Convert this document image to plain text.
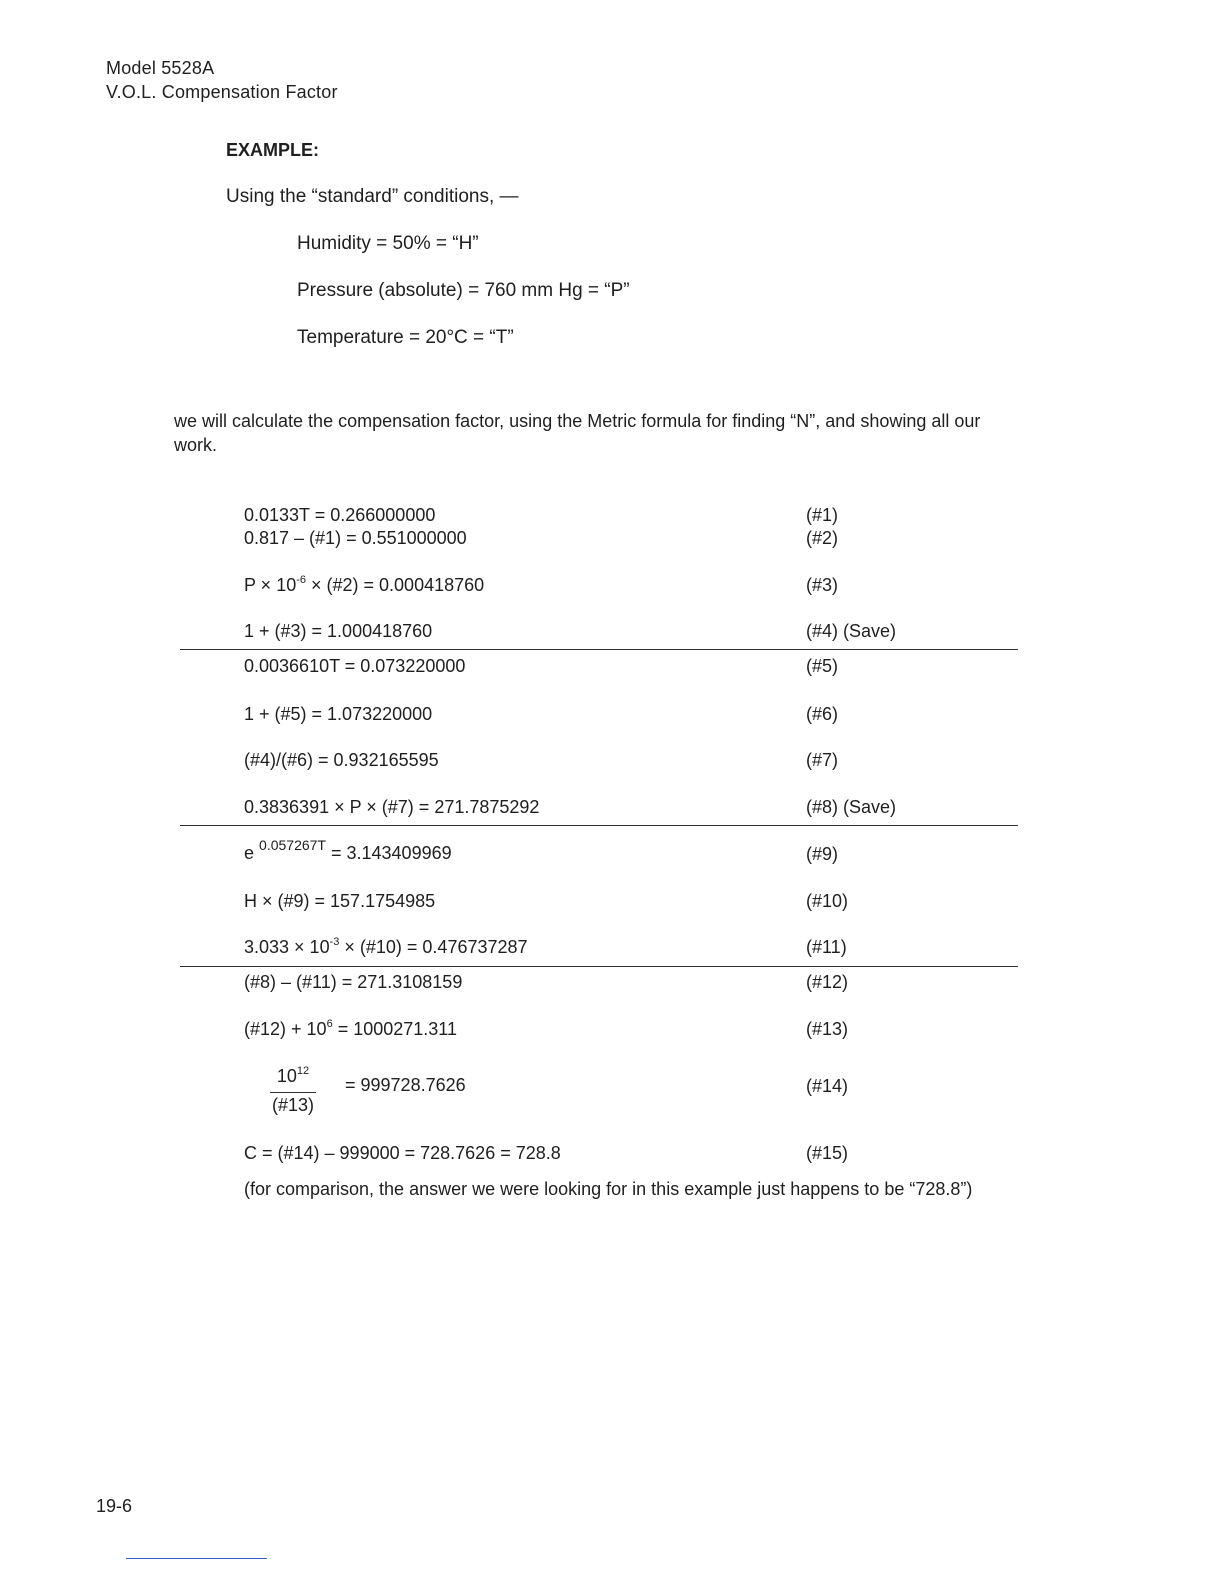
Model 5528A
V.O.L. Compensation Factor
EXAMPLE:
Using the “standard” conditions, —
Humidity = 50% = “H”
Pressure (absolute) = 760 mm Hg = “P”
Temperature = 20°C = “T”
we will calculate the compensation factor, using the Metric formula for finding “N”, and showing all our work.
0.0133T = 0.266000000	(#1)
0.817 – (#1) = 0.551000000	(#2)
$P \times 10^{-6}$ × (#2) = 0.000418760	(#3)
1 + (#3) = 1.000418760	(#4) (Save)
0.0036610T = 0.073220000	(#5)
1 + (#5) = 1.073220000	(#6)
(#4)/(#6) = 0.932165595	(#7)
0.3836391 × P × (#7) = 271.7875292	(#8) (Save)
e $^{0.057267T}$ = 3.143409969	(#9)
H × (#9) = 157.1754985	(#10)
$3.033 \times 10^{-3}$ × (#10) = 0.476737287	(#11)
(#8) – (#11) = 271.3108159	(#12)
(#12) + $10^6 = 1000271.311$	(#13)
$10^{12}$
(#13)
= 999728.7626	(#14)
C = (#14) – 999000 = 728.7626 = 728.8	(#15)
(for comparison, the answer we were looking for in this example just happens to be “728.8”)
19-6
